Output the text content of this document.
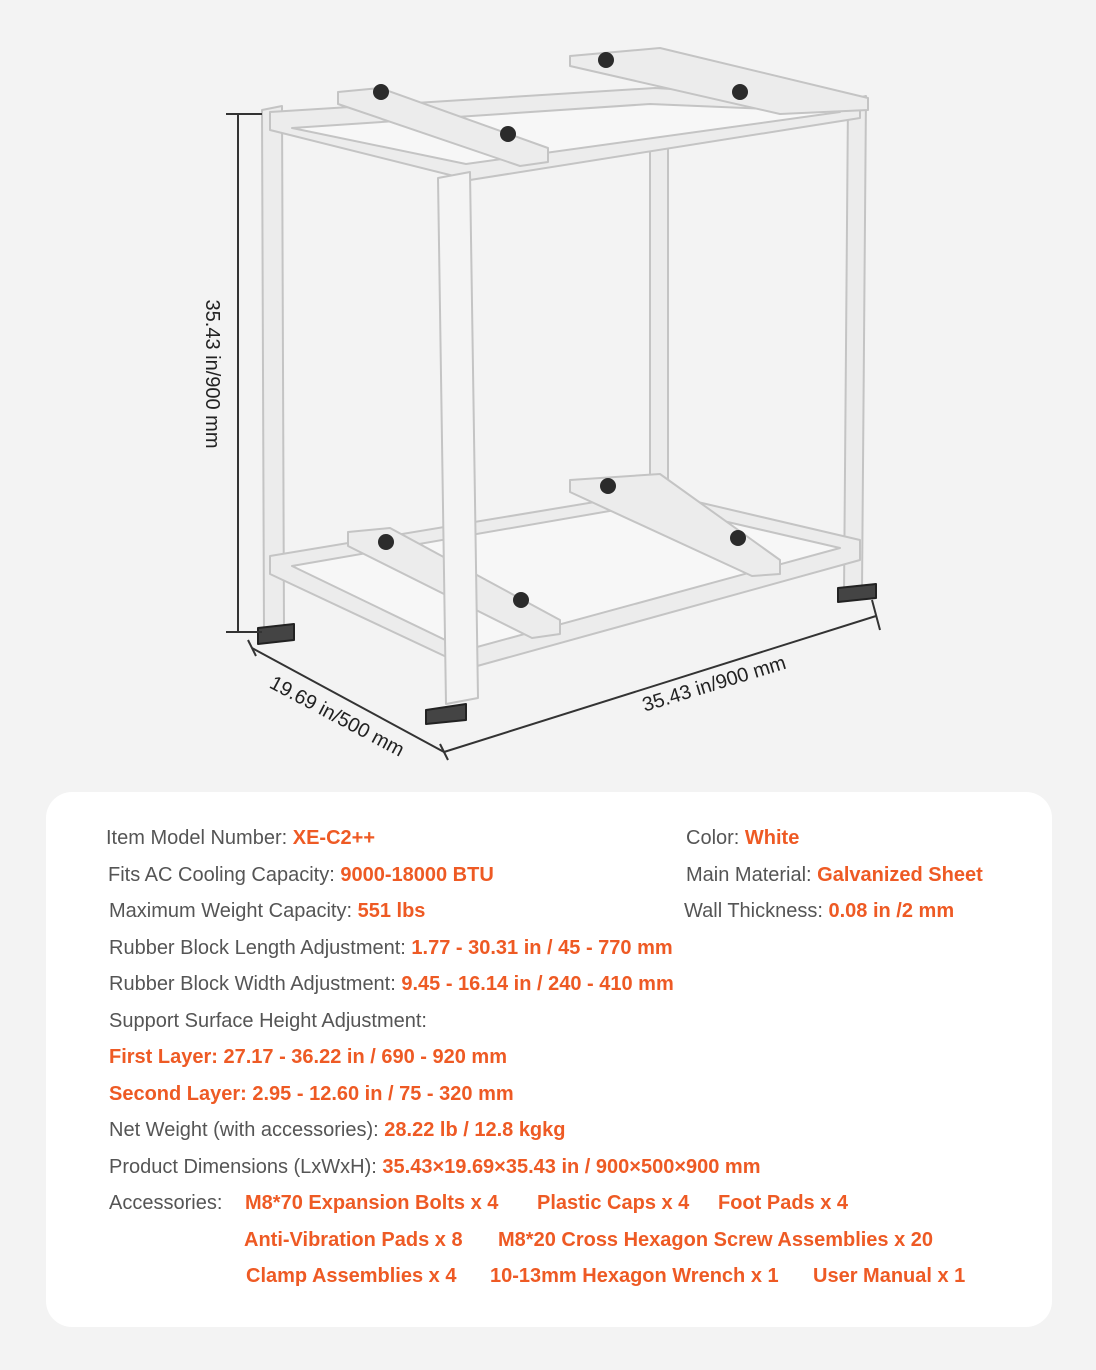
35.43 in/900 mm
19.69 in/500 mm	35.43 in/900 mm
Item Model Number: XE-C2++	Color: White
Fits AC Cooling Capacity: 9000-18000 BTU	Main Material: Galvanized Sheet
Maximum Weight Capacity: 551 lbs	Wall Thickness: 0.08 in /2 mm
Rubber Block Length Adjustment: 1.77 - 30.31 in / 45 - 770 mm
Rubber Block Width Adjustment: 9.45 - 16.14 in / 240 - 410 mm
Support Surface Height Adjustment:
First Layer: 27.17 - 36.22 in / 690 - 920 mm
Second Layer: 2.95 - 12.60 in / 75 - 320 mm
Net Weight (with accessories): 28.22 lb / 12.8 kgkg
Product Dimensions (LxWxH): 35.43×19.69×35.43 in / 900×500×900 mm
Accessories: M8*70 Expansion Bolts x 4 Plastic Caps x 4 Foot Pads x 4
Anti-Vibration Pads x 8 M8*20 Cross Hexagon Screw Assemblies x 20
Clamp Assemblies x 4 10-13mm Hexagon Wrench x 1 User Manual x 1
